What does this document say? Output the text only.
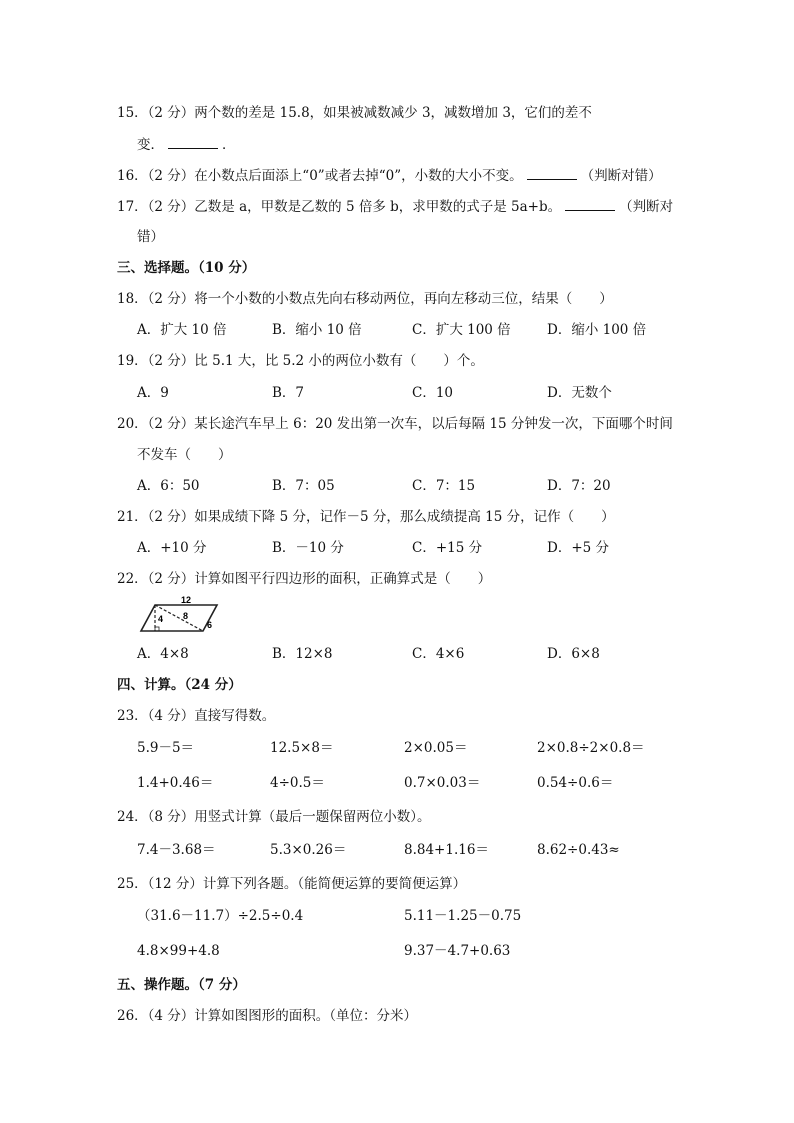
15．（2 分）两个数的差是 15.8，如果被减数减少 3，减数增加 3，它们的差不
变．	．
16．（2 分）在小数点后面添上“0”或者去掉“0”，小数的大小不变。	（判断对错）
17．（2 分）乙数是 a，甲数是乙数的 5 倍多 b，求甲数的式子是 5a+b。	（判断对
错）
三、选择题。（10 分）
18．（2 分）将一个小数的小数点先向右移动两位，再向左移动三位，结果（　　）
A．扩大 10 倍	B．缩小 10 倍	C．扩大 100 倍	D．缩小 100 倍
19．（2 分）比 5.1 大，比 5.2 小的两位小数有（　　）个。
A．9	B．7	C．10	D．无数个
20．（2 分）某长途汽车早上 6：20 发出第一次车，以后每隔 15 分钟发一次，下面哪个时间
不发车（　　）
A．6：50	B．7：05	C．7：15	D．7：20
21．（2 分）如果成绩下降 5 分，记作－5 分，那么成绩提高 15 分，记作（　　）
A．+10 分	B．－10 分	C．+15 分	D．+5 分
22．（2 分）计算如图平行四边形的面积，正确算式是（　　）
12
8
4
6
A．4×8	B．12×8	C．4×6	D．6×8
四、计算。（24 分）
23．（4 分）直接写得数。
5.9－5＝	12.5×8＝	2×0.05＝	2×0.8÷2×0.8＝
1.4+0.46＝	4÷0.5＝	0.7×0.03＝	0.54÷0.6＝
24．（8 分）用竖式计算（最后一题保留两位小数）。
7.4－3.68＝	5.3×0.26＝	8.84+1.16＝	8.62÷0.43≈
25．（12 分）计算下列各题。（能简便运算的要简便运算）
（31.6－11.7）÷2.5÷0.4	5.11－1.25－0.75
4.8×99+4.8	9.37－4.7+0.63
五、操作题。（7 分）
26．（4 分）计算如图图形的面积。（单位：分米）
